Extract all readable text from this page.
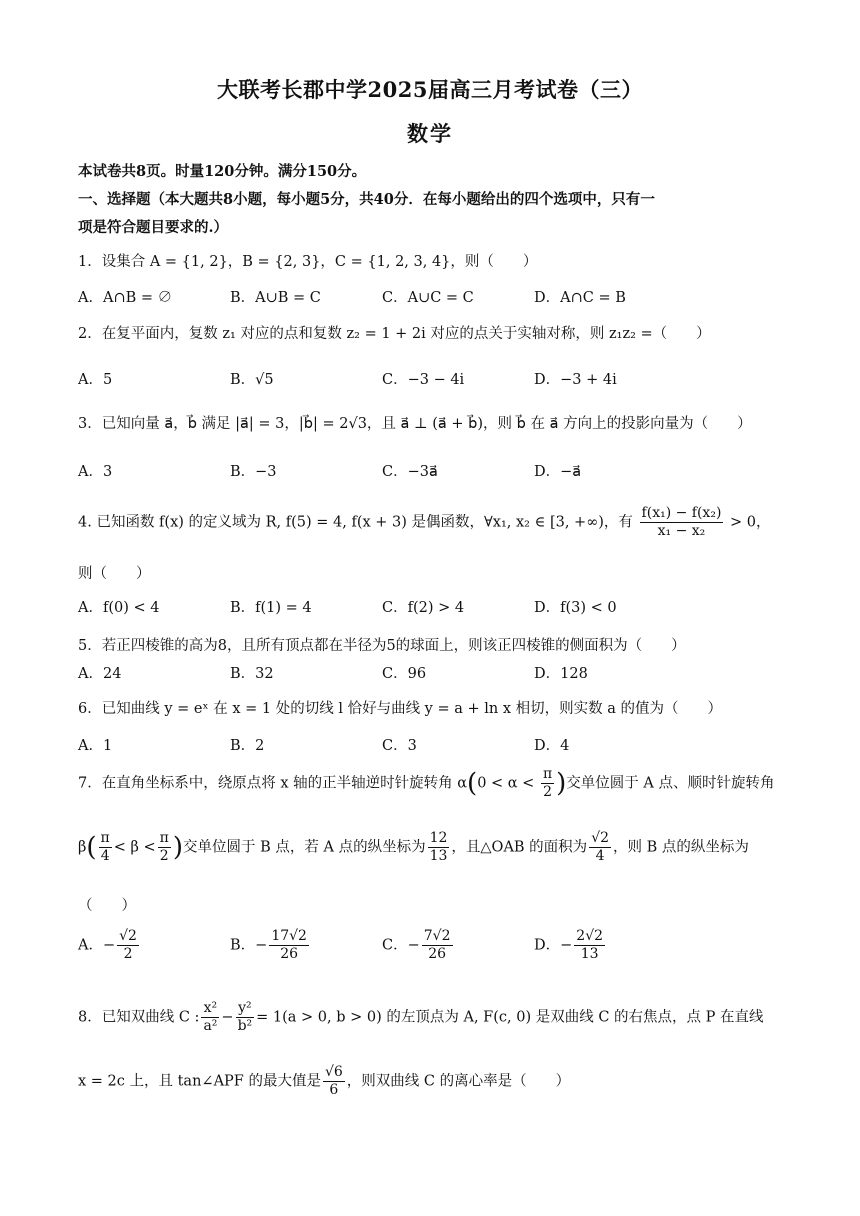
大联考长郡中学2025届高三月考试卷（三）
数学
本试卷共8页。时量120分钟。满分150分。
一、选择题（本大题共8小题，每小题5分，共40分．在每小题给出的四个选项中，只有一
项是符合题目要求的.）
1．设集合 A = {1, 2}，B = {2, 3}，C = {1, 2, 3, 4}，则（　　）
A．A∩B = ∅	B．A∪B = C	C．A∪C = C	D．A∩C = B
2．在复平面内，复数 z₁ 对应的点和复数 z₂ = 1 + 2i 对应的点关于实轴对称，则 z₁z₂ =（　　）
A．5	B．√5	C．−3 − 4i	D．−3 + 4i
3．已知向量 a⃗，b⃗ 满足 |a⃗| = 3，|b⃗| = 2√3，且 a⃗ ⊥ (a⃗ + b⃗)，则 b⃗ 在 a⃗ 方向上的投影向量为（　　）
A．3	B．−3	C．−3a⃗	D．−a⃗
4. 已知函数 f(x) 的定义域为 R, f(5) = 4, f(x + 3) 是偶函数，∀x₁, x₂ ∈ [3, +∞)，有 $\frac{\text{f(x₁) − f(x₂)}}{\text{x₁ − x₂}} > 0$，
则（　　）
A．f(0) < 4	B．f(1) = 4	C．f(2) > 4	D．f(3) < 0
5．若正四棱锥的高为8，且所有顶点都在半径为5的球面上，则该正四棱锥的侧面积为（　　）
A．24	B．32	C．96	D．128
6．已知曲线 y = eˣ 在 x = 1 处的切线 l 恰好与曲线 y = a + ln x 相切，则实数 a 的值为（　　）
A．1	B．2	C．3	D．4
7．在直角坐标系中，绕原点将 x 轴的正半轴逆时针旋转角 $\alpha(0 < \alpha < \frac{\pi}{2}$ )交单位圆于 A 点、顺时针旋转角
$\beta( \frac{\pi}{4} < \beta < \frac{\pi}{2}$ )交单位圆于 B 点，若 A 点的纵坐标为 $\frac{12}{13}$ ，且△OAB 的面积为 $\frac{√2}{4}$ ，则 B 点的纵坐标为
（　　）
A．− $\frac{√2}{2}$	B．− $\frac{17√2}{26}$	C．− $\frac{7√2}{26}$	D．− $\frac{2√2}{13}$
8．已知双曲线 C : $\frac{\text{x²}}{\text{a²}} - \frac{\text{y²}}{\text{b²}} = 1(a > 0$, b > 0) 的左顶点为 A, F(c, 0) 是双曲线 C 的右焦点，点 P 在直线
x = 2c 上，且 tan∠APF 的最大值是 $\frac{√6}{6}$ ，则双曲线 C 的离心率是（　　）
